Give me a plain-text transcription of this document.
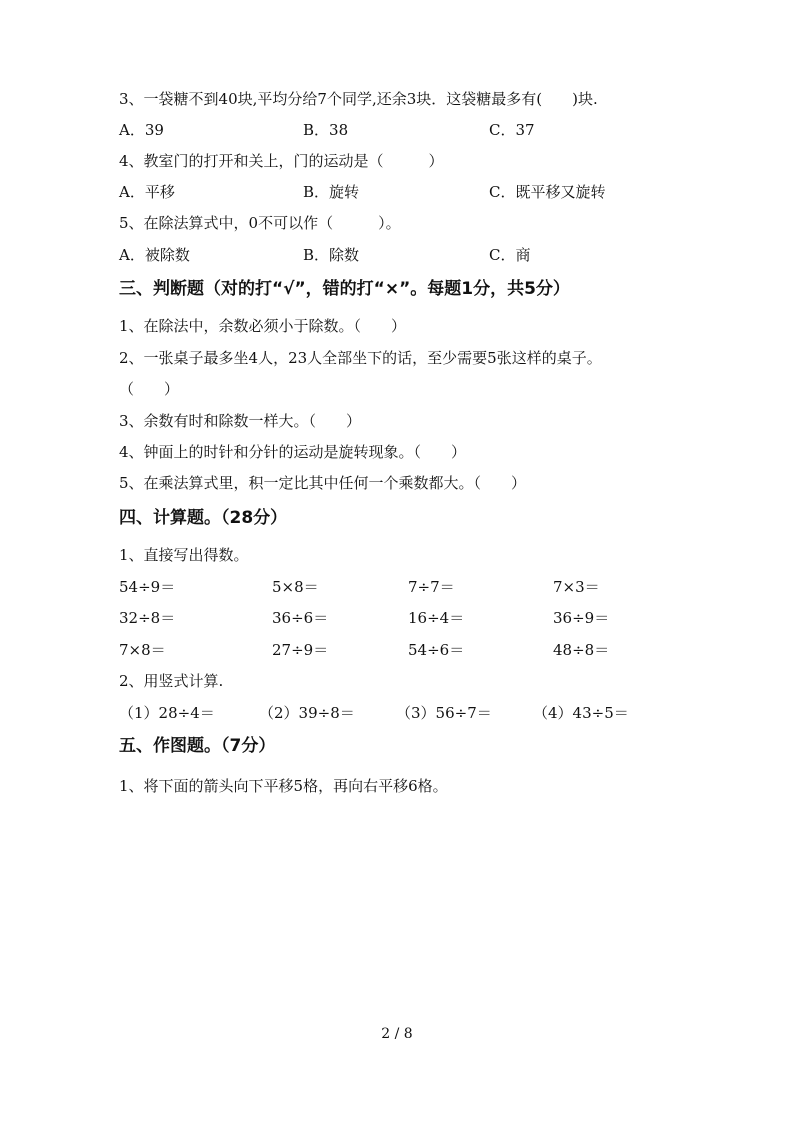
3、一袋糖不到40块,平均分给7个同学,还余3块．这袋糖最多有(　　)块.
A．39	B．38	C．37
4、教室门的打开和关上，门的运动是（　　　）
A．平移	B．旋转	C．既平移又旋转
5、在除法算式中，0不可以作（　　　）。
A．被除数	B．除数	C．商
三、判断题（对的打“√”，错的打“×”。每题1分，共5分）
1、在除法中，余数必须小于除数。（　　）
2、一张桌子最多坐4人，23人全部坐下的话，至少需要5张这样的桌子。
（　　）
3、余数有时和除数一样大。（　　）
4、钟面上的时针和分针的运动是旋转现象。（　　）
5、在乘法算式里，积一定比其中任何一个乘数都大。（　　）
四、计算题。（28分）
1、直接写出得数。
54÷9＝	5×8＝	7÷7＝	7×3＝
32÷8＝	36÷6＝	16÷4＝	36÷9＝
7×8＝	27÷9＝	54÷6＝	48÷8＝
2、用竖式计算.
（1）28÷4＝	（2）39÷8＝	（3）56÷7＝	（4）43÷5＝
五、作图题。（7分）
1、将下面的箭头向下平移5格，再向右平移6格。
2 / 8
